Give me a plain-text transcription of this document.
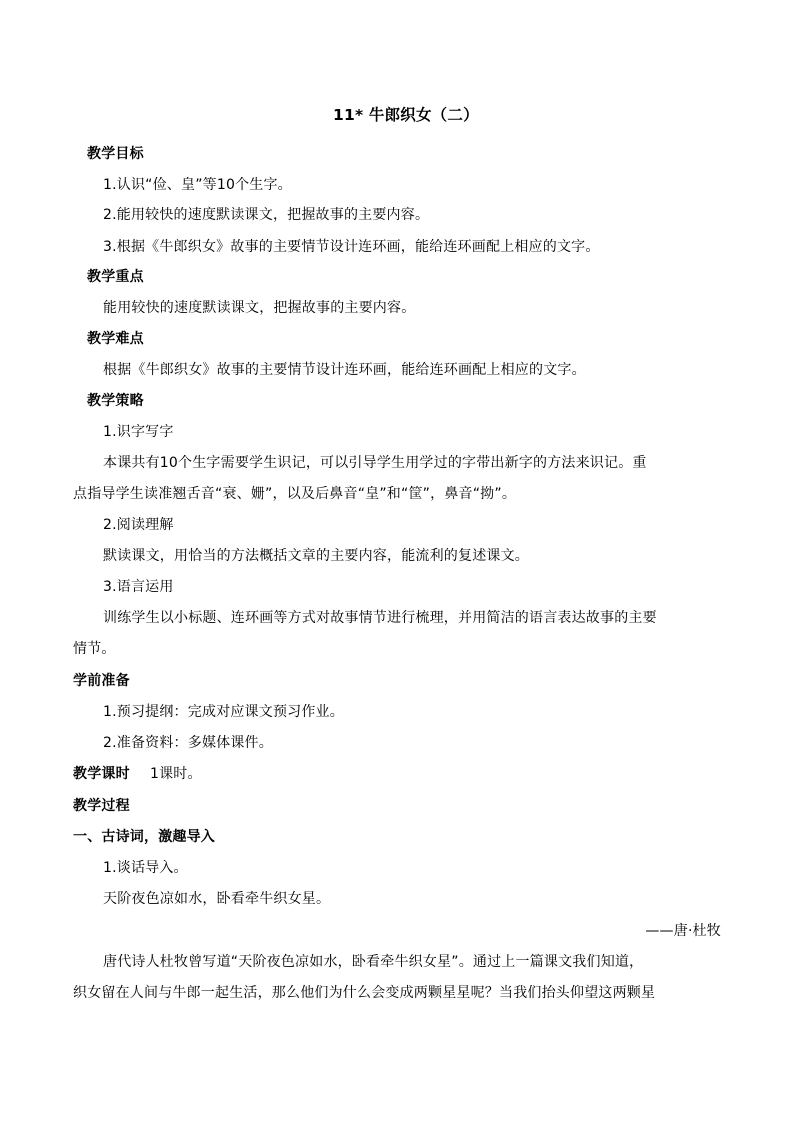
11* 牛郎织女（二）
教学目标
1.认识“俭、皇”等10个生字。
2.能用较快的速度默读课文，把握故事的主要内容。
3.根据《牛郎织女》故事的主要情节设计连环画，能给连环画配上相应的文字。
教学重点
能用较快的速度默读课文，把握故事的主要内容。
教学难点
根据《牛郎织女》故事的主要情节设计连环画，能给连环画配上相应的文字。
教学策略
1.识字写字
本课共有10个生字需要学生识记，可以引导学生用学过的字带出新字的方法来识记。重
点指导学生读准翘舌音“衰、姗”，以及后鼻音“皇”和“筐”，鼻音“拗”。
2.阅读理解
默读课文，用恰当的方法概括文章的主要内容，能流利的复述课文。
3.语言运用
训练学生以小标题、连环画等方式对故事情节进行梳理，并用简洁的语言表达故事的主要
情节。
学前准备
1.预习提纲：完成对应课文预习作业。
2.准备资料：多媒体课件。
教学课时 1课时。
教学过程
一、古诗词，激趣导入
1.谈话导入。
天阶夜色凉如水，卧看牵牛织女星。
——唐·杜牧
唐代诗人杜牧曾写道“天阶夜色凉如水，卧看牵牛织女星”。通过上一篇课文我们知道，
织女留在人间与牛郎一起生活，那么他们为什么会变成两颗星星呢？当我们抬头仰望这两颗星
